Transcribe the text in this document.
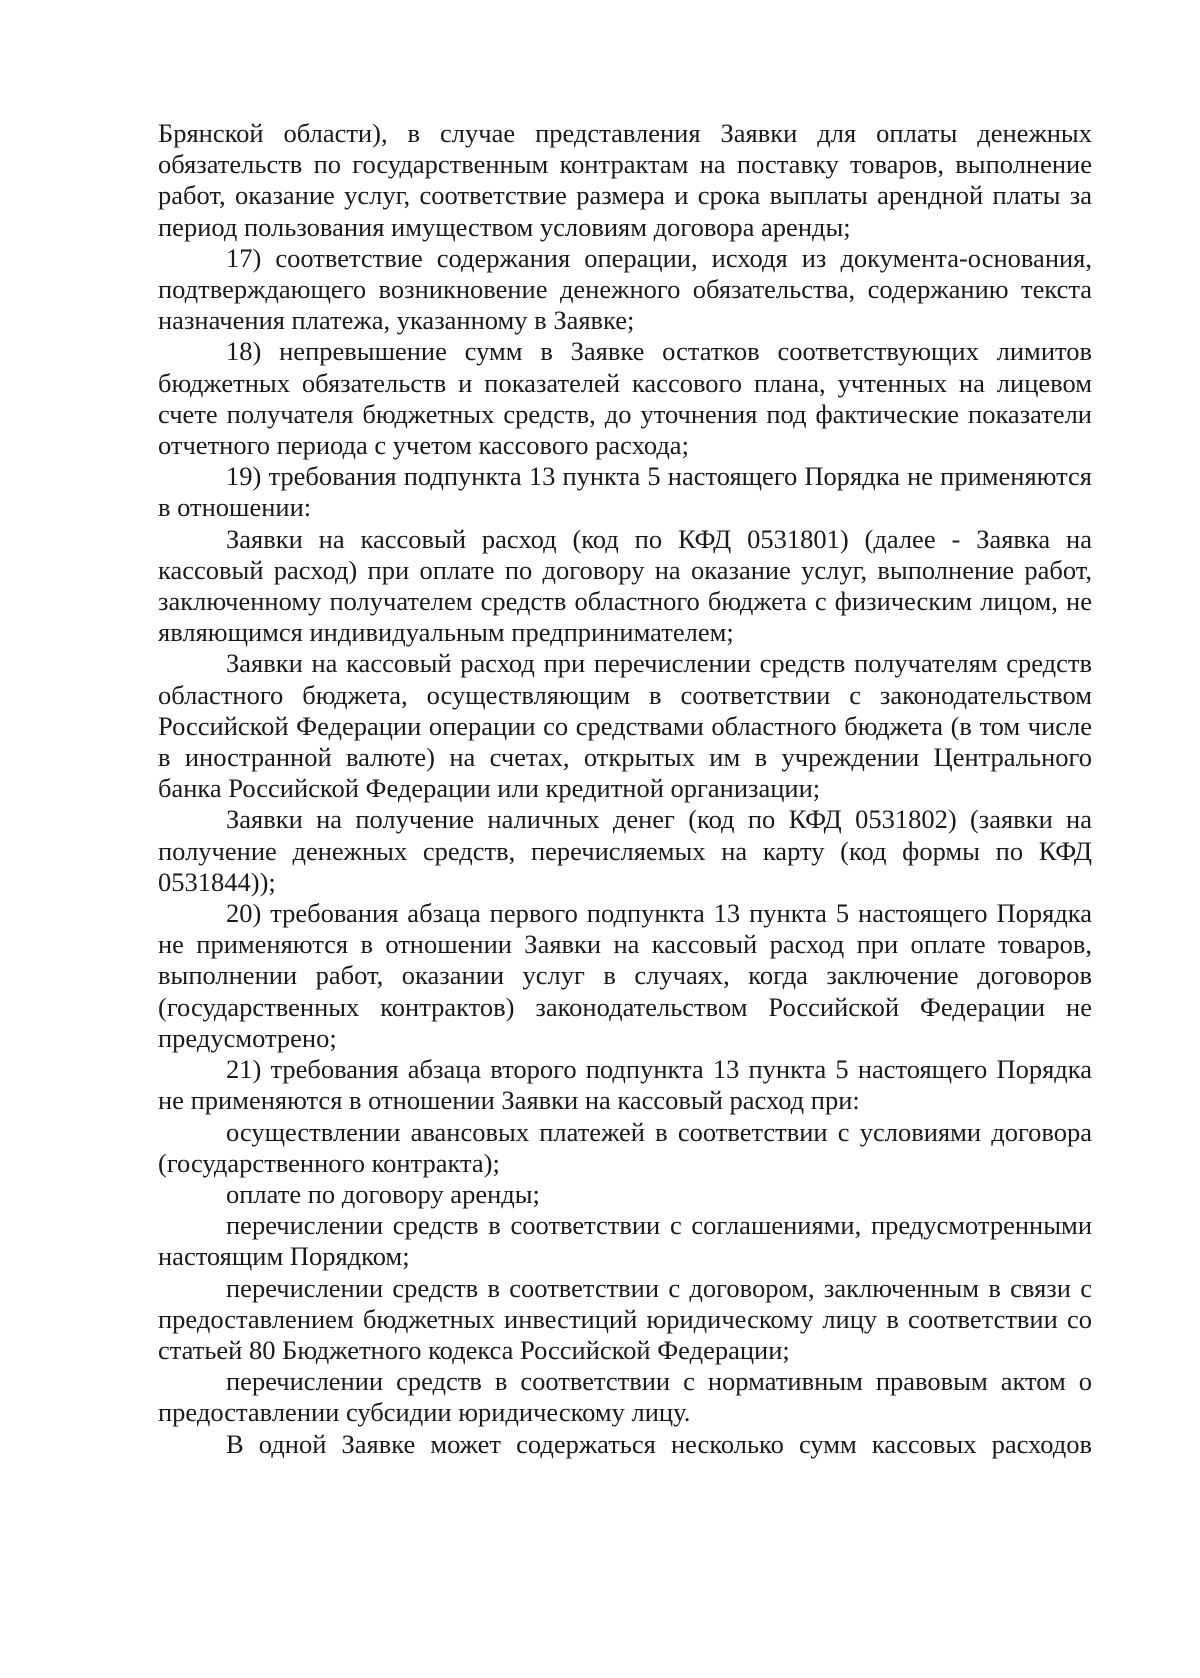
Брянской области), в случае представления Заявки для оплаты денежных обязательств по государственным контрактам на поставку товаров, выполнение работ, оказание услуг, соответствие размера и срока выплаты арендной платы за период пользования имуществом условиям договора аренды;

17) соответствие содержания операции, исходя из документа-основания, подтверждающего возникновение денежного обязательства, содержанию текста назначения платежа, указанному в Заявке;

18) непревышение сумм в Заявке остатков соответствующих лимитов бюджетных обязательств и показателей кассового плана, учтенных на лицевом счете получателя бюджетных средств, до уточнения под фактические показатели отчетного периода с учетом кассового расхода;

19) требования подпункта 13 пункта 5 настоящего Порядка не применяются в отношении:

Заявки на кассовый расход (код по КФД 0531801) (далее - Заявка на кассовый расход) при оплате по договору на оказание услуг, выполнение работ, заключенному получателем средств областного бюджета с физическим лицом, не являющимся индивидуальным предпринимателем;

Заявки на кассовый расход при перечислении средств получателям средств областного бюджета, осуществляющим в соответствии с законодательством Российской Федерации операции со средствами областного бюджета (в том числе в иностранной валюте) на счетах, открытых им в учреждении Центрального банка Российской Федерации или кредитной организации;

Заявки на получение наличных денег (код по КФД 0531802) (заявки на получение денежных средств, перечисляемых на карту (код формы по КФД 0531844));

20) требования абзаца первого подпункта 13 пункта 5 настоящего Порядка не применяются в отношении Заявки на кассовый расход при оплате товаров, выполнении работ, оказании услуг в случаях, когда заключение договоров (государственных контрактов) законодательством Российской Федерации не предусмотрено;

21) требования абзаца второго подпункта 13 пункта 5 настоящего Порядка не применяются в отношении Заявки на кассовый расход при:

осуществлении авансовых платежей в соответствии с условиями договора (государственного контракта);

оплате по договору аренды;

перечислении средств в соответствии с соглашениями, предусмотренными настоящим Порядком;

перечислении средств в соответствии с договором, заключенным в связи с предоставлением бюджетных инвестиций юридическому лицу в соответствии со статьей 80 Бюджетного кодекса Российской Федерации;

перечислении средств в соответствии с нормативным правовым актом о предоставлении субсидии юридическому лицу.

В одной Заявке может содержаться несколько сумм кассовых расходов
